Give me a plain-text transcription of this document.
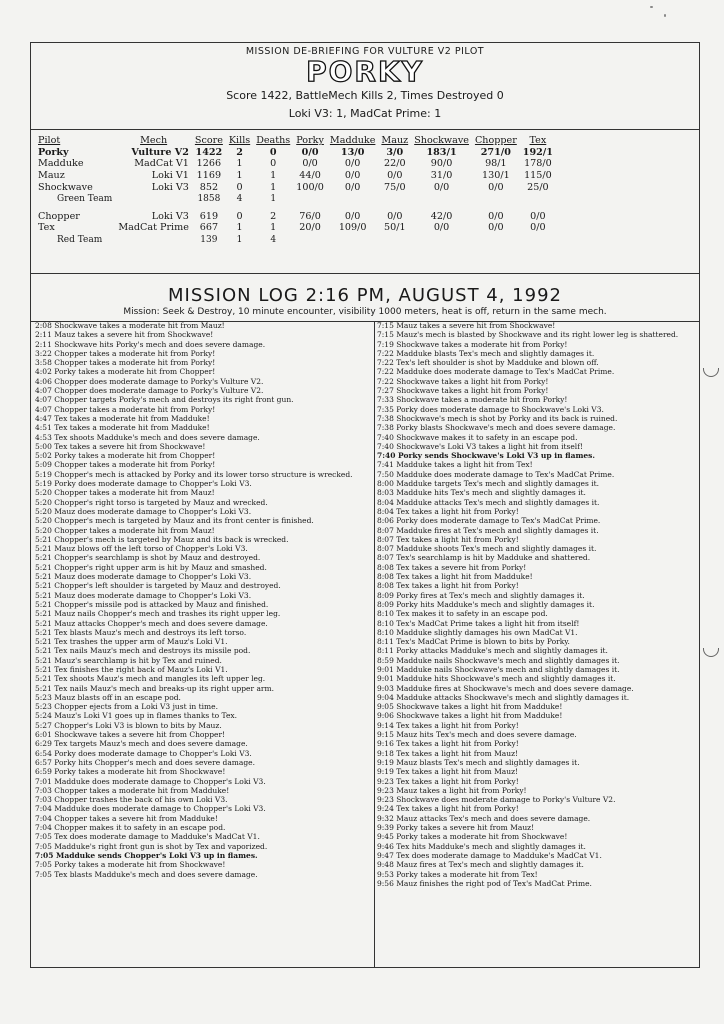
MISSION DE-BRIEFING FOR VULTURE V2 PILOT
PORKY
Score 1422, BattleMech Kills 2, Times Destroyed 0
Loki V3: 1, MadCat Prime: 1
Pilot	Mech	Score	Kills	Deaths	Porky	Madduke	Mauz	Shockwave	Chopper	Tex
Porky	Vulture V2	1422	2	0	0/0	13/0	3/0	183/1	271/0	192/1
Madduke	MadCat V1	1266	1	0	0/0	0/0	22/0	90/0	98/1	178/0
Mauz	Loki V1	1169	1	1	44/0	0/0	0/0	31/0	130/1	115/0
Shockwave	Loki V3	852	0	1	100/0	0/0	75/0	0/0	0/0	25/0
Green Team		1858	4	1						

Chopper	Loki V3	619	0	2	76/0	0/0	0/0	42/0	0/0	0/0
Tex	MadCat Prime	667	1	1	20/0	109/0	50/1	0/0	0/0	0/0
Red Team		139	1	4						
MISSION LOG 2:16 PM, AUGUST 4, 1992
Mission: Seek & Destroy, 10 minute encounter, visibility 1000 meters, heat is off, return in the same mech.
2:08 Shockwave takes a moderate hit from Mauz!
2:11 Mauz takes a severe hit from Shockwave!
2:11 Shockwave hits Porky's mech and does severe damage.
3:22 Chopper takes a moderate hit from Porky!
3:58 Chopper takes a moderate hit from Porky!
4:02 Porky takes a moderate hit from Chopper!
4:06 Chopper does moderate damage to Porky's Vulture V2.
4:07 Chopper does moderate damage to Porky's Vulture V2.
4:07 Chopper targets Porky's mech and destroys its right front gun.
4:07 Chopper takes a moderate hit from Porky!
4:47 Tex takes a moderate hit from Madduke!
4:51 Tex takes a moderate hit from Madduke!
4:53 Tex shoots Madduke's mech and does severe damage.
5:00 Tex takes a severe hit from Shockwave!
5:02 Porky takes a moderate hit from Chopper!
5:09 Chopper takes a moderate hit from Porky!
5:19 Chopper's mech is attacked by Porky and its lower torso structure is wrecked.
5:19 Porky does moderate damage to Chopper's Loki V3.
5:20 Chopper takes a moderate hit from Mauz!
5:20 Chopper's right torso is targeted by Mauz and wrecked.
5:20 Mauz does moderate damage to Chopper's Loki V3.
5:20 Chopper's mech is targeted by Mauz and its front center is finished.
5:20 Chopper takes a moderate hit from Mauz!
5:21 Chopper's mech is targeted by Mauz and its back is wrecked.
5:21 Mauz blows off the left torso of Chopper's Loki V3.
5:21 Chopper's searchlamp is shot by Mauz and destroyed.
5:21 Chopper's right upper arm is hit by Mauz and smashed.
5:21 Mauz does moderate damage to Chopper's Loki V3.
5:21 Chopper's left shoulder is targeted by Mauz and destroyed.
5:21 Mauz does moderate damage to Chopper's Loki V3.
5:21 Chopper's missile pod is attacked by Mauz and finished.
5:21 Mauz nails Chopper's mech and trashes its right upper leg.
5:21 Mauz attacks Chopper's mech and does severe damage.
5:21 Tex blasts Mauz's mech and destroys its left torso.
5:21 Tex trashes the upper arm of Mauz's Loki V1.
5:21 Tex nails Mauz's mech and destroys its missile pod.
5:21 Mauz's searchlamp is hit by Tex and ruined.
5:21 Tex finishes the right back of Mauz's Loki V1.
5:21 Tex shoots Mauz's mech and mangles its left upper leg.
5:21 Tex nails Mauz's mech and breaks-up its right upper arm.
5:23 Mauz blasts off in an escape pod.
5:23 Chopper ejects from a Loki V3 just in time.
5:24 Mauz's Loki V1 goes up in flames thanks to Tex.
5:27 Chopper's Loki V3 is blown to bits by Mauz.
6:01 Shockwave takes a severe hit from Chopper!
6:29 Tex targets Mauz's mech and does severe damage.
6:54 Porky does moderate damage to Chopper's Loki V3.
6:57 Porky hits Chopper's mech and does severe damage.
6:59 Porky takes a moderate hit from Shockwave!
7:01 Madduke does moderate damage to Chopper's Loki V3.
7:03 Chopper takes a moderate hit from Madduke!
7:03 Chopper trashes the back of his own Loki V3.
7:04 Madduke does moderate damage to Chopper's Loki V3.
7:04 Chopper takes a severe hit from Madduke!
7:04 Chopper makes it to safety in an escape pod.
7:05 Tex does moderate damage to Madduke's MadCat V1.
7:05 Madduke's right front gun is shot by Tex and vaporized.
7:05 Madduke sends Chopper's Loki V3 up in flames.
7:05 Porky takes a moderate hit from Shockwave!
7:05 Tex blasts Madduke's mech and does severe damage.
7:15 Mauz takes a severe hit from Shockwave!
7:15 Mauz's mech is blasted by Shockwave and its right lower leg is shattered.
7:19 Shockwave takes a moderate hit from Porky!
7:22 Madduke blasts Tex's mech and slightly damages it.
7:22 Tex's left shoulder is shot by Madduke and blown off.
7:22 Madduke does moderate damage to Tex's MadCat Prime.
7:22 Shockwave takes a light hit from Porky!
7:27 Shockwave takes a light hit from Porky!
7:33 Shockwave takes a moderate hit from Porky!
7:35 Porky does moderate damage to Shockwave's Loki V3.
7:38 Shockwave's mech is shot by Porky and its back is ruined.
7:38 Porky blasts Shockwave's mech and does severe damage.
7:40 Shockwave makes it to safety in an escape pod.
7:40 Shockwave's Loki V3 takes a light hit from itself!
7:40 Porky sends Shockwave's Loki V3 up in flames.
7:41 Madduke takes a light hit from Tex!
7:50 Madduke does moderate damage to Tex's MadCat Prime.
8:00 Madduke targets Tex's mech and slightly damages it.
8:03 Madduke hits Tex's mech and slightly damages it.
8:04 Madduke attacks Tex's mech and slightly damages it.
8:04 Tex takes a light hit from Porky!
8:06 Porky does moderate damage to Tex's MadCat Prime.
8:07 Madduke fires at Tex's mech and slightly damages it.
8:07 Tex takes a light hit from Porky!
8:07 Madduke shoots Tex's mech and slightly damages it.
8:07 Tex's searchlamp is hit by Madduke and shattered.
8:08 Tex takes a severe hit from Porky!
8:08 Tex takes a light hit from Madduke!
8:08 Tex takes a light hit from Porky!
8:09 Porky fires at Tex's mech and slightly damages it.
8:09 Porky hits Madduke's mech and slightly damages it.
8:10 Tex makes it to safety in an escape pod.
8:10 Tex's MadCat Prime takes a light hit from itself!
8:10 Madduke slightly damages his own MadCat V1.
8:11 Tex's MadCat Prime is blown to bits by Porky.
8:11 Porky attacks Madduke's mech and slightly damages it.
8:59 Madduke nails Shockwave's mech and slightly damages it.
9:01 Madduke nails Shockwave's mech and slightly damages it.
9:01 Madduke hits Shockwave's mech and slightly damages it.
9:03 Madduke fires at Shockwave's mech and does severe damage.
9:04 Madduke attacks Shockwave's mech and slightly damages it.
9:05 Shockwave takes a light hit from Madduke!
9:06 Shockwave takes a light hit from Madduke!
9:14 Tex takes a light hit from Porky!
9:15 Mauz hits Tex's mech and does severe damage.
9:16 Tex takes a light hit from Porky!
9:18 Tex takes a light hit from Mauz!
9:19 Mauz blasts Tex's mech and slightly damages it.
9:19 Tex takes a light hit from Mauz!
9:23 Tex takes a light hit from Porky!
9:23 Mauz takes a light hit from Porky!
9:23 Shockwave does moderate damage to Porky's Vulture V2.
9:24 Tex takes a light hit from Porky!
9:32 Mauz attacks Tex's mech and does severe damage.
9:39 Porky takes a severe hit from Mauz!
9:45 Porky takes a moderate hit from Shockwave!
9:46 Tex hits Madduke's mech and slightly damages it.
9:47 Tex does moderate damage to Madduke's MadCat V1.
9:48 Mauz fires at Tex's mech and slightly damages it.
9:53 Porky takes a moderate hit from Tex!
9:56 Mauz finishes the right pod of Tex's MadCat Prime.
